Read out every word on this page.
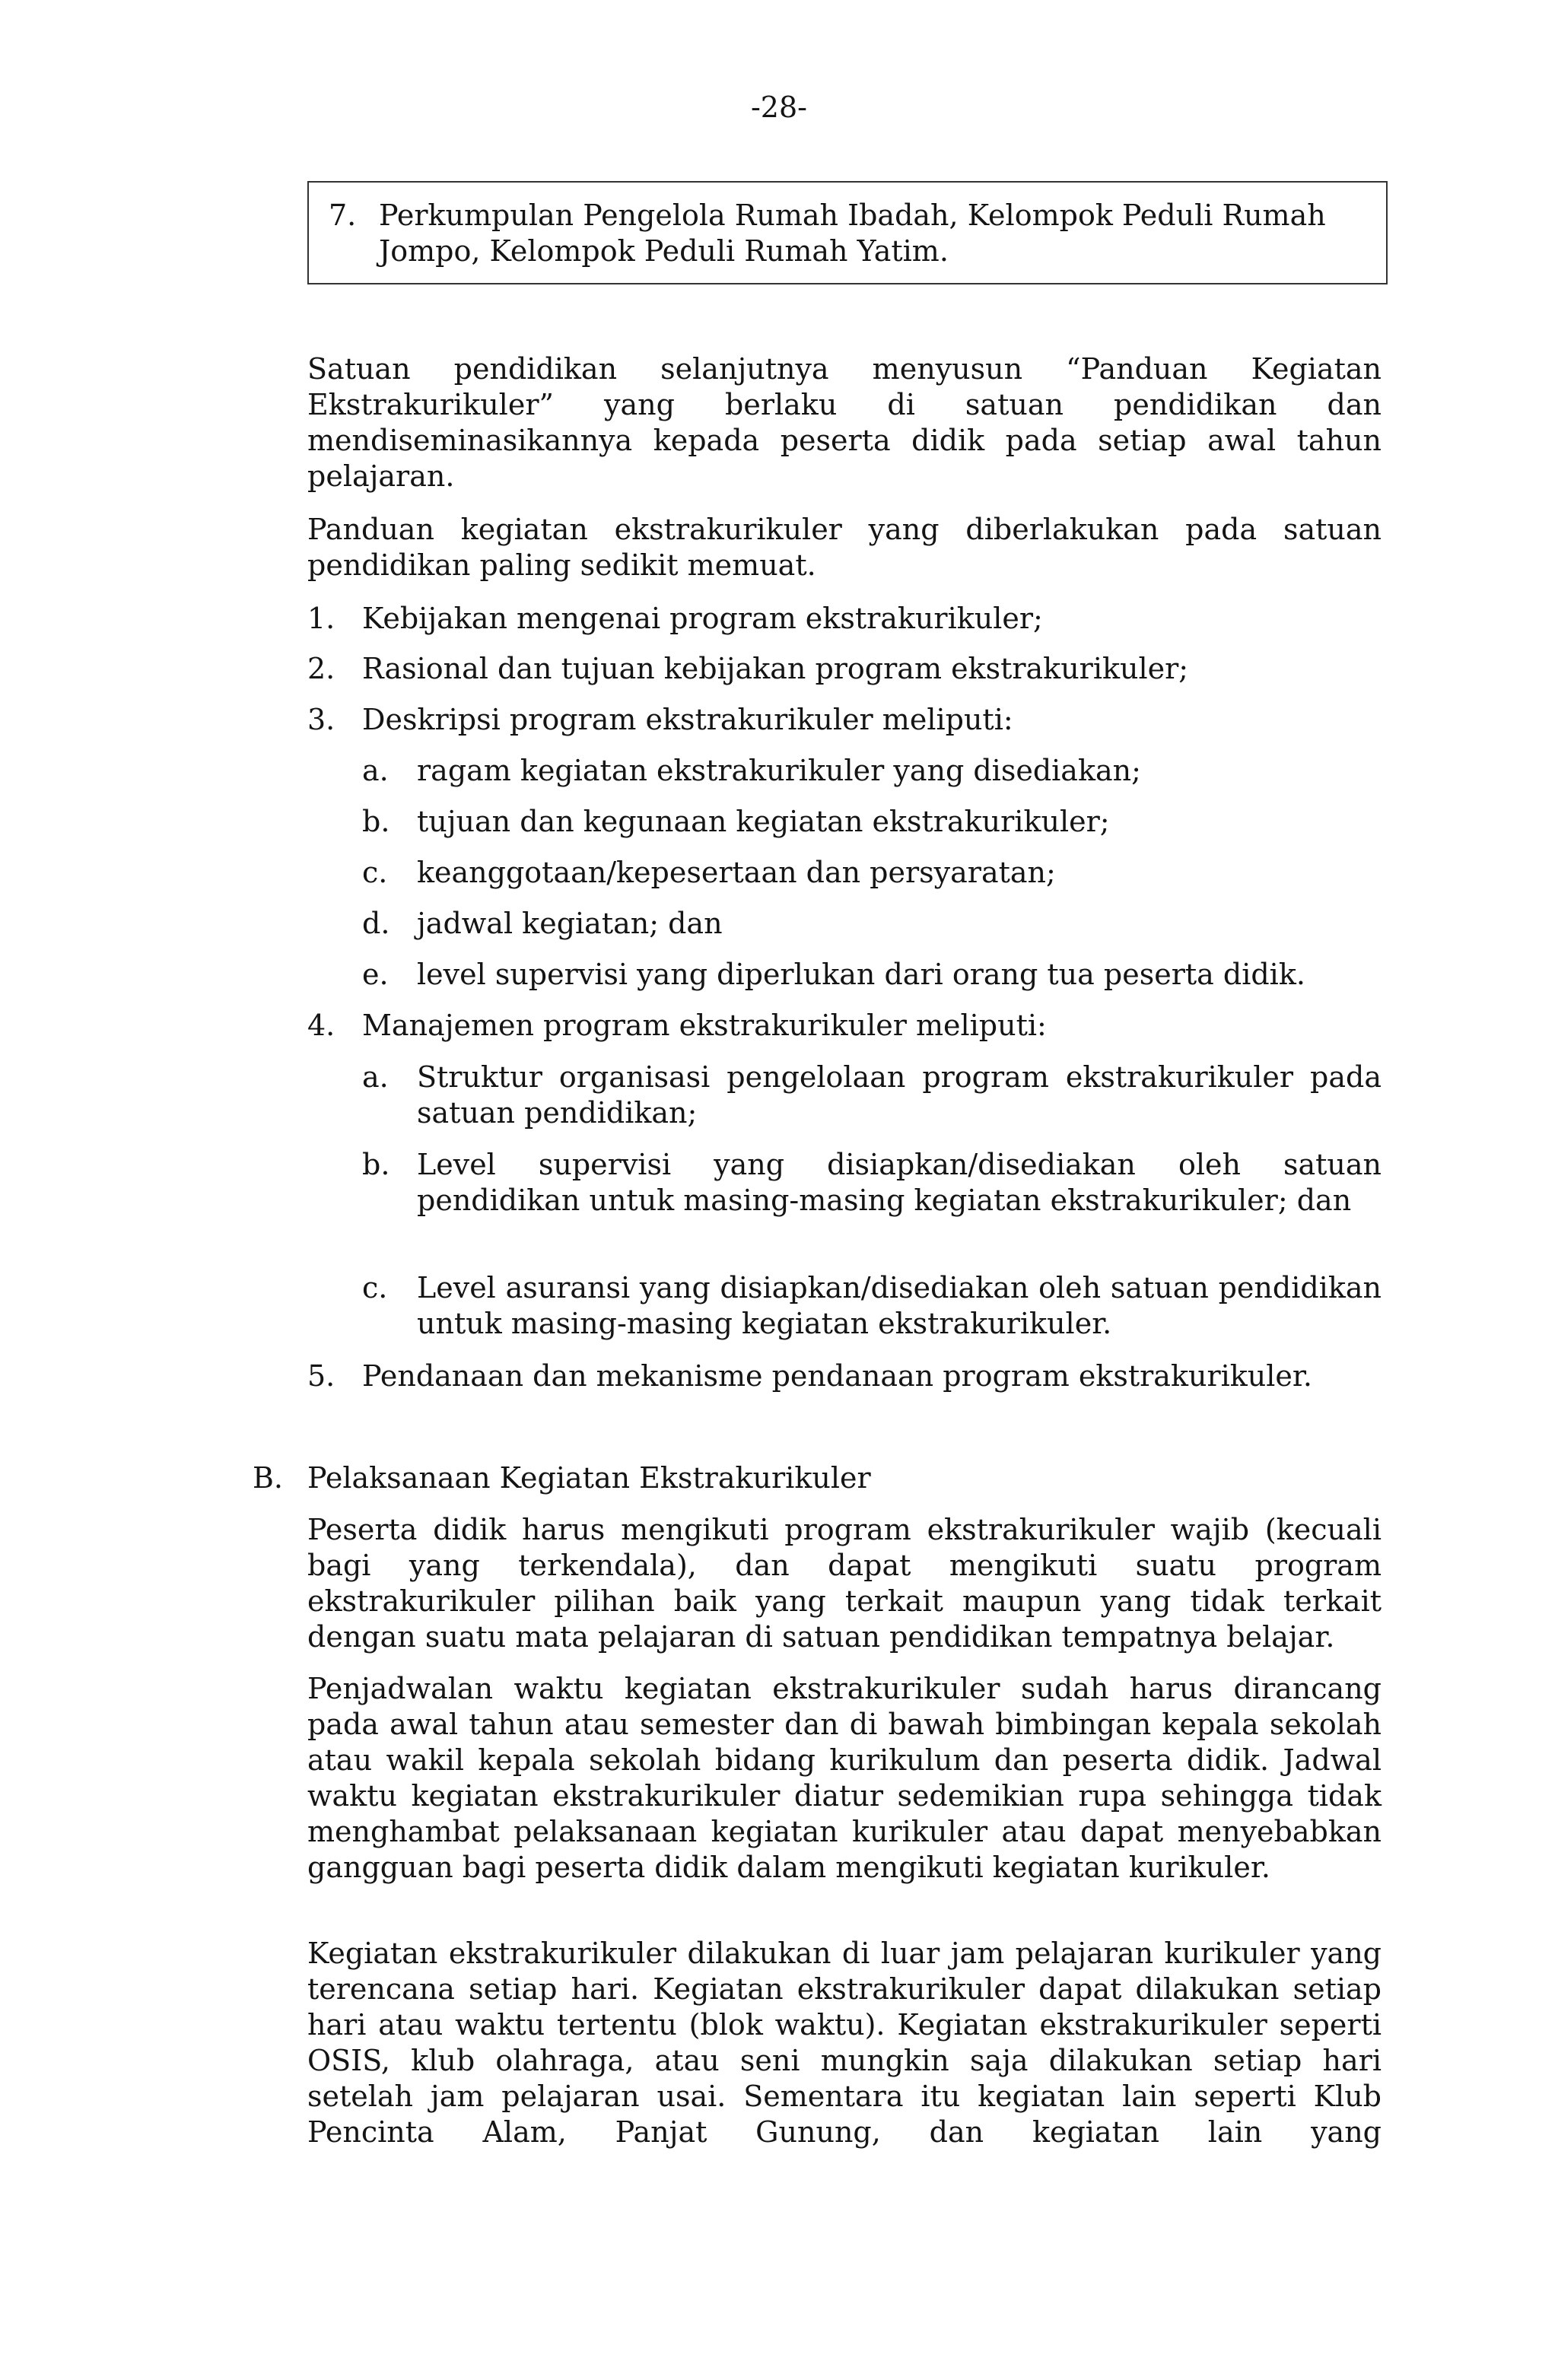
-28-
7. Perkumpulan Pengelola Rumah Ibadah, Kelompok Peduli Rumah Jompo, Kelompok Peduli Rumah Yatim.
Satuan pendidikan selanjutnya menyusun “Panduan Kegiatan Ekstrakurikuler” yang berlaku di satuan pendidikan dan mendiseminasikannya kepada peserta didik pada setiap awal tahun pelajaran.
Panduan kegiatan ekstrakurikuler yang diberlakukan pada satuan pendidikan paling sedikit memuat.
1. Kebijakan mengenai program ekstrakurikuler;
2. Rasional dan tujuan kebijakan program ekstrakurikuler;
3. Deskripsi program ekstrakurikuler meliputi:
a. ragam kegiatan ekstrakurikuler yang disediakan;
b. tujuan dan kegunaan kegiatan ekstrakurikuler;
c. keanggotaan/kepesertaan dan persyaratan;
d. jadwal kegiatan; dan
e. level supervisi yang diperlukan dari orang tua peserta didik.
4. Manajemen program ekstrakurikuler meliputi:
a. Struktur organisasi pengelolaan program ekstrakurikuler pada satuan pendidikan;
b. Level supervisi yang disiapkan/disediakan oleh satuan pendidikan untuk masing-masing kegiatan ekstrakurikuler; dan
c. Level asuransi yang disiapkan/disediakan oleh satuan pendidikan untuk masing-masing kegiatan ekstrakurikuler.
5. Pendanaan dan mekanisme pendanaan program ekstrakurikuler.
B. Pelaksanaan Kegiatan Ekstrakurikuler
Peserta didik harus mengikuti program ekstrakurikuler wajib (kecuali bagi yang terkendala), dan dapat mengikuti suatu program ekstrakurikuler pilihan baik yang terkait maupun yang tidak terkait dengan suatu mata pelajaran di satuan pendidikan tempatnya belajar.
Penjadwalan waktu kegiatan ekstrakurikuler sudah harus dirancang pada awal tahun atau semester dan di bawah bimbingan kepala sekolah atau wakil kepala sekolah bidang kurikulum dan peserta didik. Jadwal waktu kegiatan ekstrakurikuler diatur sedemikian rupa sehingga tidak menghambat pelaksanaan kegiatan kurikuler atau dapat menyebabkan gangguan bagi peserta didik dalam mengikuti kegiatan kurikuler.
Kegiatan ekstrakurikuler dilakukan di luar jam pelajaran kurikuler yang terencana setiap hari. Kegiatan ekstrakurikuler dapat dilakukan setiap hari atau waktu tertentu (blok waktu). Kegiatan ekstrakurikuler seperti OSIS, klub olahraga, atau seni mungkin saja dilakukan setiap hari setelah jam pelajaran usai. Sementara itu kegiatan lain seperti Klub Pencinta Alam, Panjat Gunung, dan kegiatan lain yang
